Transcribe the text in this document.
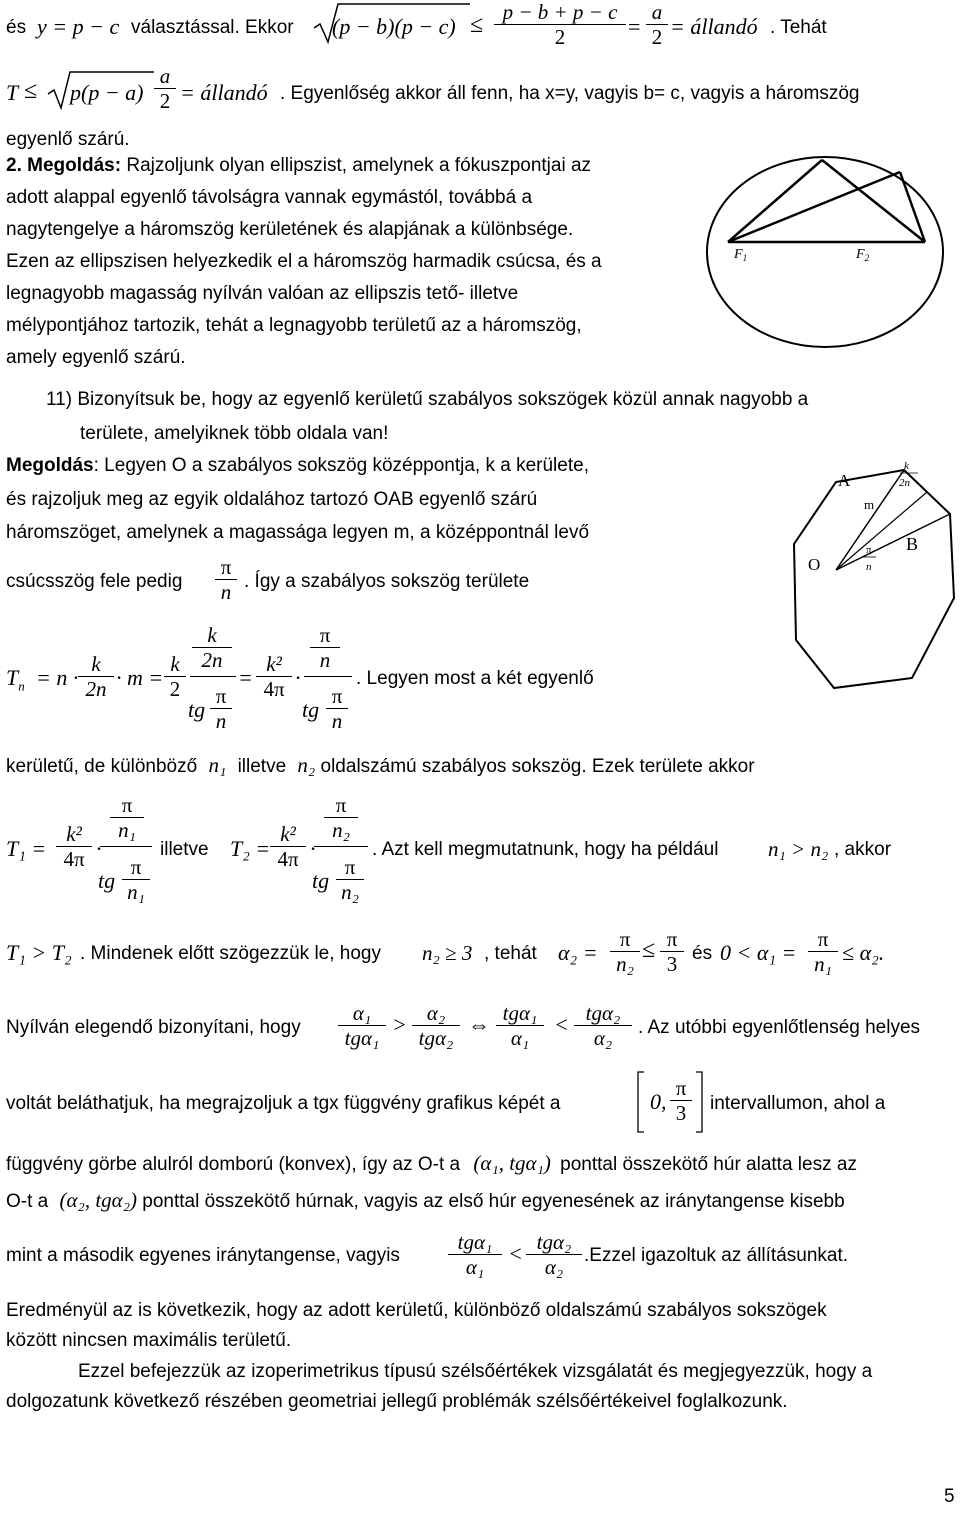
és y = p − c választással. Ekkor $(p - b)(p - c) \le \frac{p - b + p - c}{2} = \frac{a}{2}$ = állandó . Tehát
$T \le p(p - a) \frac{a}{2}$ = állandó . Egyenlőség akkor áll fenn, ha x=y, vagyis b= c, vagyis a háromszög
egyenlő szárú.
2. Megoldás: Rajzoljunk olyan ellipszist, amelynek a fókuszpontjai az
adott alappal egyenlő távolságra vannak egymástól, továbbá a
nagytengelye a háromszög kerületének és alapjának a különbsége.
Ezen az ellipszisen helyezkedik el a háromszög harmadik csúcsa, és a
legnagyobb magasság nyílván valóan az ellipszis tető- illetve
mélypontjához tartozik, tehát a legnagyobb területű az a háromszög,
amely egyenlő szárú.
$F_1$	$F_2$
11) Bizonyítsuk be, hogy az egyenlő kerületű szabályos sokszögek közül annak nagyobb a
területe, amelyiknek több oldala van!
Megoldás: Legyen O a szabályos sokszög középpontja, k a kerülete,
és rajzoljuk meg az egyik oldalához tartozó OAB egyenlő szárú
háromszöget, amelynek a magassága legyen m, a középpontnál levő
csúcsszög fele pedig $\frac{\pi}{n}$ . Így a szabályos sokszög területe
A
B
O
m
k
2n
π
n
$T_n = n \cdot \frac{k}{2n} \cdot m = \frac{k}{2}$
$\frac{k}{2n}$
tg $\frac{\pi}{n}$
= $\frac{\text{k²}}{4\pi}$ ·
$\frac{\pi}{n}$
tg $\frac{\pi}{n}$
. Legyen most a két egyenlő
kerületű, de különböző n₁ illetve n₂ oldalszámú szabályos sokszög. Ezek területe akkor
$T_1 = \frac{\text{k²}}{4\pi}$ ·
$\frac{\pi}{\text{n₁}}$
tg $\frac{\pi}{\text{n₁}}$
illetve $T_2 = \frac{\text{k²}}{4\pi}$ ·
$\frac{\pi}{\text{n₂}}$
tg $\frac{\pi}{\text{n₂}}$
. Azt kell megmutatnunk, hogy ha például n₁ > n₂ , akkor
T₁ > T₂ . Mindenek előtt szögezzük le, hogy n₂ ≥ 3 , tehát $\alpha_2 = \frac{\pi}{\text{n₂}} \le \frac{\pi}{3}$ és $0 < \alpha_1 = \frac{\pi}{\text{n₁}} \le \alpha_2$.
Nyílván elegendő bizonyítani, hogy
α₁
tgα₁
> α₂
tgα₂
⇔ tgα₁
α₁
< tgα₂
α₂	. Az utóbbi egyenlőtlenség helyes
voltát beláthatjuk, ha megrajzoljuk a tgx függvény grafikus képét a	0, $\frac{\pi}{3}$ intervallumon, ahol a
függvény görbe alulról domború (konvex), így az O-t a (α₁, tgα₁) ponttal összekötő húr alatta lesz az
O-t a (α₂, tgα₂) ponttal összekötő húrnak, vagyis az első húr egyenesének az iránytangense kisebb
mint a második egyenes iránytangense, vagyis
tgα₁
α₁
< tgα₂
α₂	.Ezzel igazoltuk az állításunkat.
Eredményül az is következik, hogy az adott kerületű, különböző oldalszámú szabályos sokszögek
között nincsen maximális területű.
Ezzel befejezzük az izoperimetrikus típusú szélsőértékek vizsgálatát és megjegyezzük, hogy a
dolgozatunk következő részében geometriai jellegű problémák szélsőértékeivel foglalkozunk.
5
